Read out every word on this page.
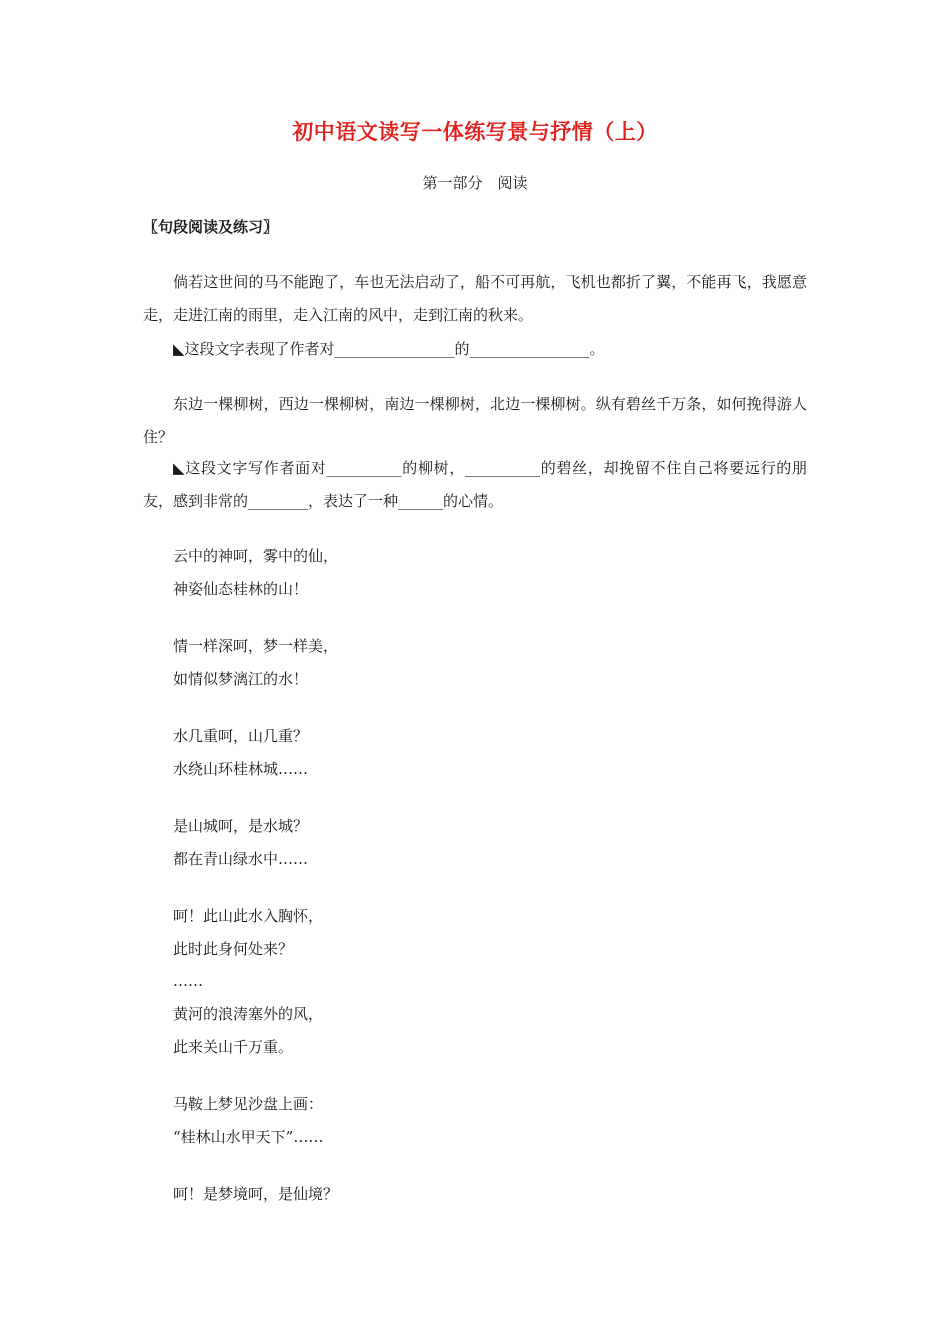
初中语文读写一体练写景与抒情（上）
第一部分　阅读
〖句段阅读及练习〗

倘若这世间的马不能跑了，车也无法启动了，船不可再航，飞机也都折了翼，不能再飞，我愿意走，走进江南的雨里，走入江南的风中，走到江南的秋来。

◣这段文字表现了作者对________________的________________。

东边一棵柳树，西边一棵柳树，南边一棵柳树，北边一棵柳树。纵有碧丝千万条，如何挽得游人住？

◣这段文字写作者面对__________的柳树，__________的碧丝，却挽留不住自己将要远行的朋友，感到非常的________，表达了一种______的心情。

云中的神呵，雾中的仙，
神姿仙态桂林的山！
情一样深呵，梦一样美，
如情似梦漓江的水！
水几重呵，山几重？
水绕山环桂林城……
是山城呵，是水城？
都在青山绿水中……
呵！此山此水入胸怀，
此时此身何处来？
……
黄河的浪涛塞外的风，
此来关山千万重。
马鞍上梦见沙盘上画：
“桂林山水甲天下”……
呵！是梦境呵，是仙境？
